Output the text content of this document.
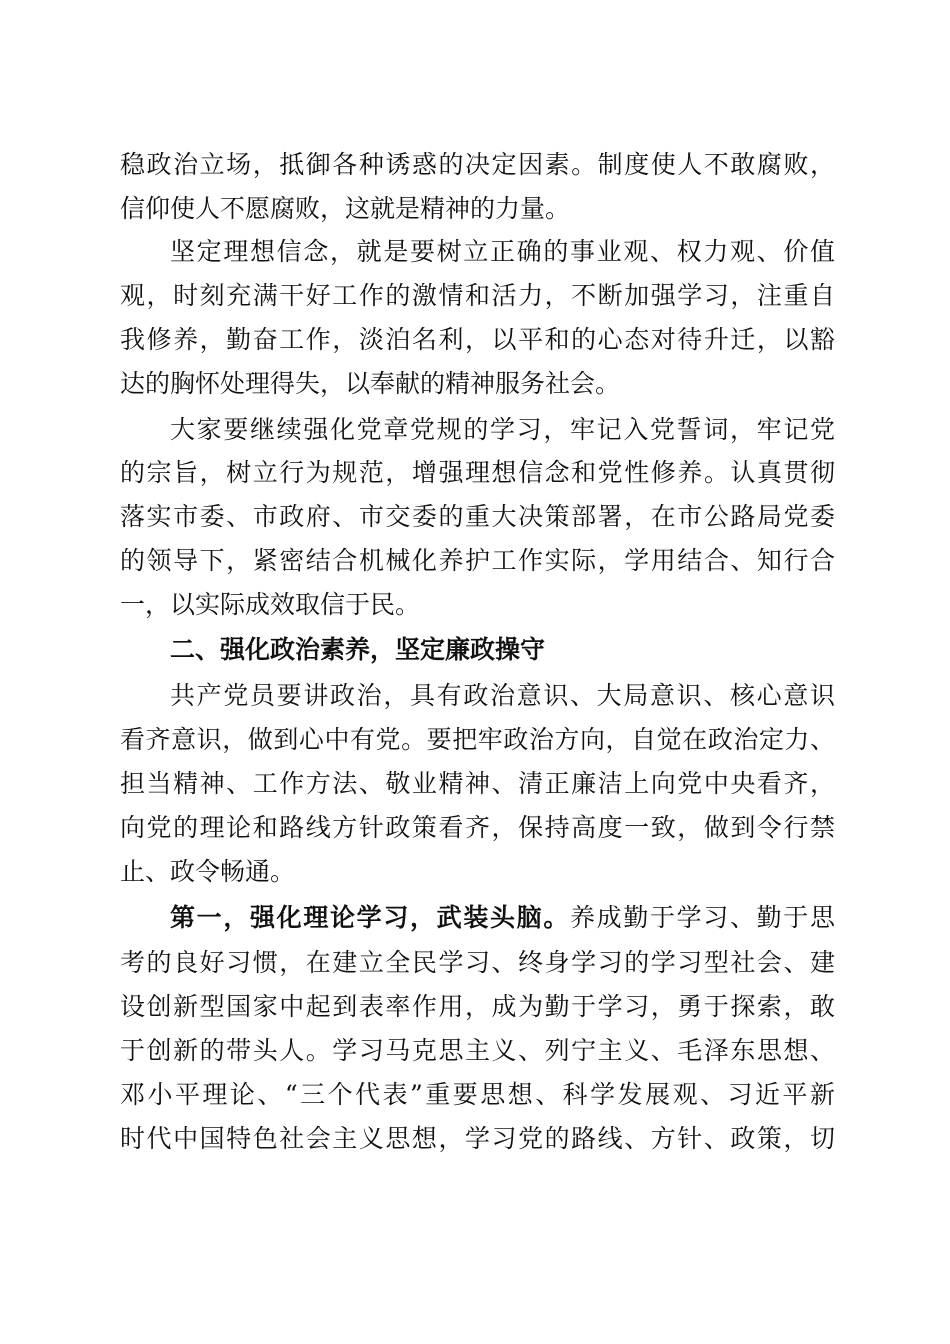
稳政治立场，抵御各种诱惑的决定因素。制度使人不敢腐败，
信仰使人不愿腐败，这就是精神的力量。
坚定理想信念，就是要树立正确的事业观、权力观、价值
观，时刻充满干好工作的激情和活力，不断加强学习，注重自
我修养，勤奋工作，淡泊名利，以平和的心态对待升迁，以豁
达的胸怀处理得失，以奉献的精神服务社会。
大家要继续强化党章党规的学习，牢记入党誓词，牢记党
的宗旨，树立行为规范，增强理想信念和党性修养。认真贯彻
落实市委、市政府、市交委的重大决策部署，在市公路局党委
的领导下，紧密结合机械化养护工作实际，学用结合、知行合
一，以实际成效取信于民。
二、强化政治素养，坚定廉政操守
共产党员要讲政治，具有政治意识、大局意识、核心意识
看齐意识，做到心中有党。要把牢政治方向，自觉在政治定力、
担当精神、工作方法、敬业精神、清正廉洁上向党中央看齐，
向党的理论和路线方针政策看齐，保持高度一致，做到令行禁
止、政令畅通。
第一，强化理论学习，武装头脑。养成勤于学习、勤于思
考的良好习惯，在建立全民学习、终身学习的学习型社会、建
设创新型国家中起到表率作用，成为勤于学习，勇于探索，敢
于创新的带头人。学习马克思主义、列宁主义、毛泽东思想、
邓小平理论、“三个代表”重要思想、科学发展观、习近平新
时代中国特色社会主义思想，学习党的路线、方针、政策，切
